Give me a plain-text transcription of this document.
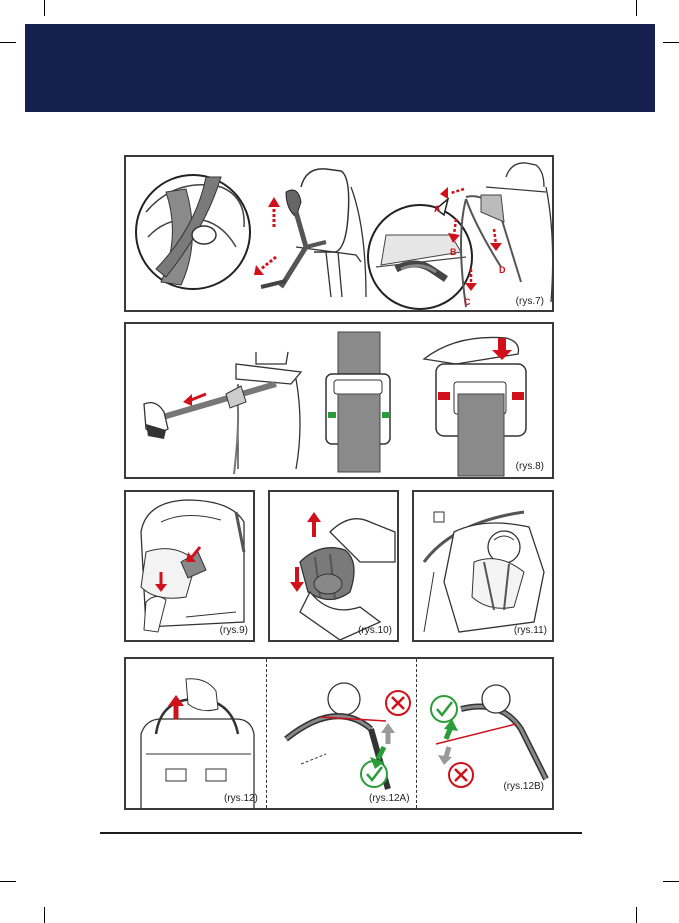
A
B
C
D
(rys.7)
(rys.8)
(rys.9)	(rys.10)	(rys.11)
(rys.12)	(rys.12A)
(rys.12B)
